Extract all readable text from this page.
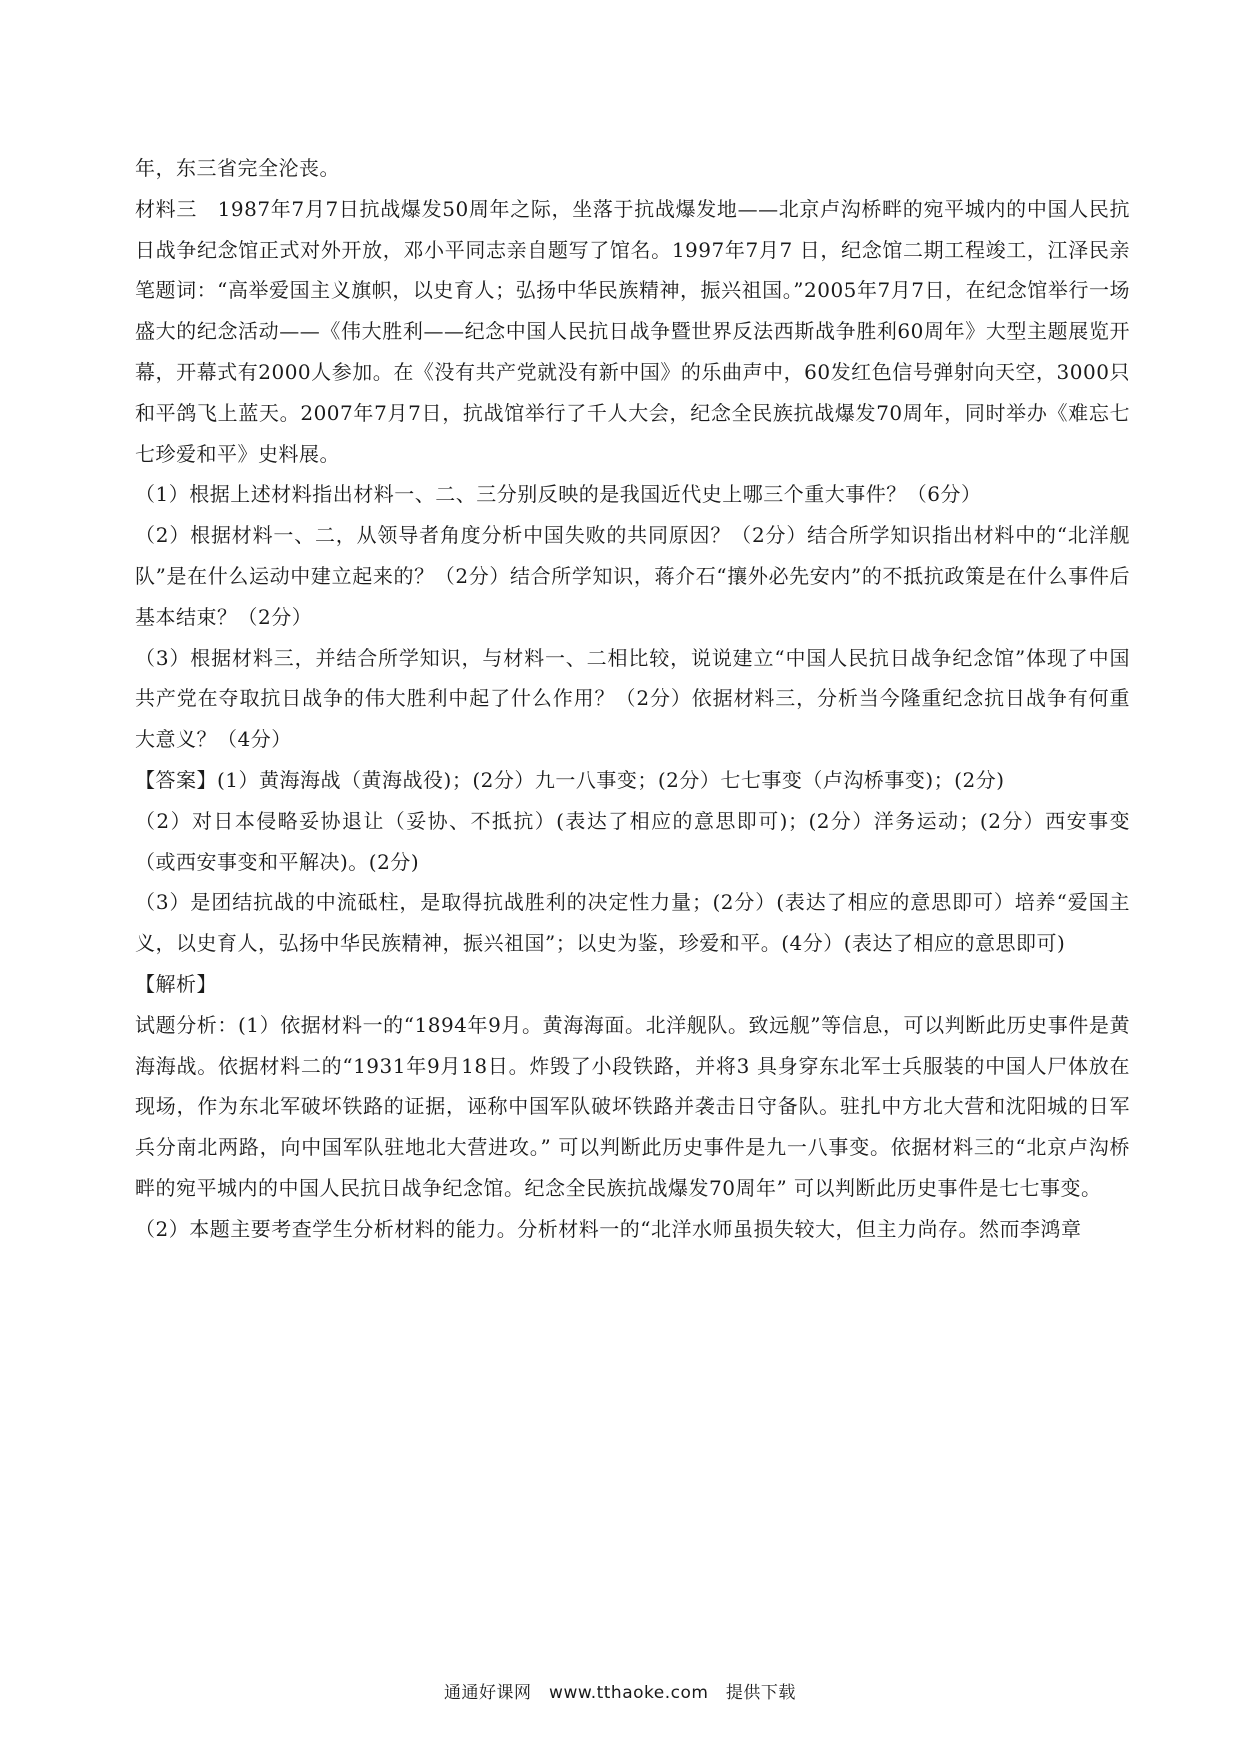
年，东三省完全沦丧。

材料三　1987年7月7日抗战爆发50周年之际，坐落于抗战爆发地——北京卢沟桥畔的宛平城内的中国人民抗日战争纪念馆正式对外开放，邓小平同志亲自题写了馆名。1997年7月7 日，纪念馆二期工程竣工，江泽民亲笔题词：“高举爱国主义旗帜，以史育人；弘扬中华民族精神，振兴祖国。”2005年7月7日，在纪念馆举行一场盛大的纪念活动——《伟大胜利——纪念中国人民抗日战争暨世界反法西斯战争胜利60周年》大型主题展览开幕，开幕式有2000人参加。在《没有共产党就没有新中国》的乐曲声中，60发红色信号弹射向天空，3000只和平鸽飞上蓝天。2007年7月7日，抗战馆举行了千人大会，纪念全民族抗战爆发70周年，同时举办《难忘七七珍爱和平》史料展。

（1）根据上述材料指出材料一、二、三分别反映的是我国近代史上哪三个重大事件？（6分）

（2）根据材料一、二，从领导者角度分析中国失败的共同原因？（2分）结合所学知识指出材料中的“北洋舰队”是在什么运动中建立起来的？（2分）结合所学知识，蒋介石“攘外必先安内”的不抵抗政策是在什么事件后基本结束？（2分）

（3）根据材料三，并结合所学知识，与材料一、二相比较，说说建立“中国人民抗日战争纪念馆”体现了中国共产党在夺取抗日战争的伟大胜利中起了什么作用？（2分）依据材料三，分析当今隆重纪念抗日战争有何重大意义？（4分）

【答案】(1）黄海海战（黄海战役)；(2分）九一八事变；(2分）七七事变（卢沟桥事变)；(2分)

（2）对日本侵略妥协退让（妥协、不抵抗）(表达了相应的意思即可)；(2分）洋务运动；(2分）西安事变（或西安事变和平解决)。(2分)

（3）是团结抗战的中流砥柱，是取得抗战胜利的决定性力量；(2分）(表达了相应的意思即可）培养“爱国主义，以史育人，弘扬中华民族精神，振兴祖国”；以史为鉴，珍爱和平。(4分）(表达了相应的意思即可)

【解析】

试题分析：(1）依据材料一的“1894年9月。黄海海面。北洋舰队。致远舰”等信息，可以判断此历史事件是黄海海战。依据材料二的“1931年9月18日。炸毁了小段铁路，并将3 具身穿东北军士兵服装的中国人尸体放在现场，作为东北军破坏铁路的证据，诬称中国军队破坏铁路并袭击日守备队。驻扎中方北大营和沈阳城的日军兵分南北两路，向中国军队驻地北大营进攻。” 可以判断此历史事件是九一八事变。依据材料三的“北京卢沟桥畔的宛平城内的中国人民抗日战争纪念馆。纪念全民族抗战爆发70周年” 可以判断此历史事件是七七事变。

（2）本题主要考查学生分析材料的能力。分析材料一的“北洋水师虽损失较大，但主力尚存。然而李鸿章

通通好课网　www.tthaoke.com　提供下载
